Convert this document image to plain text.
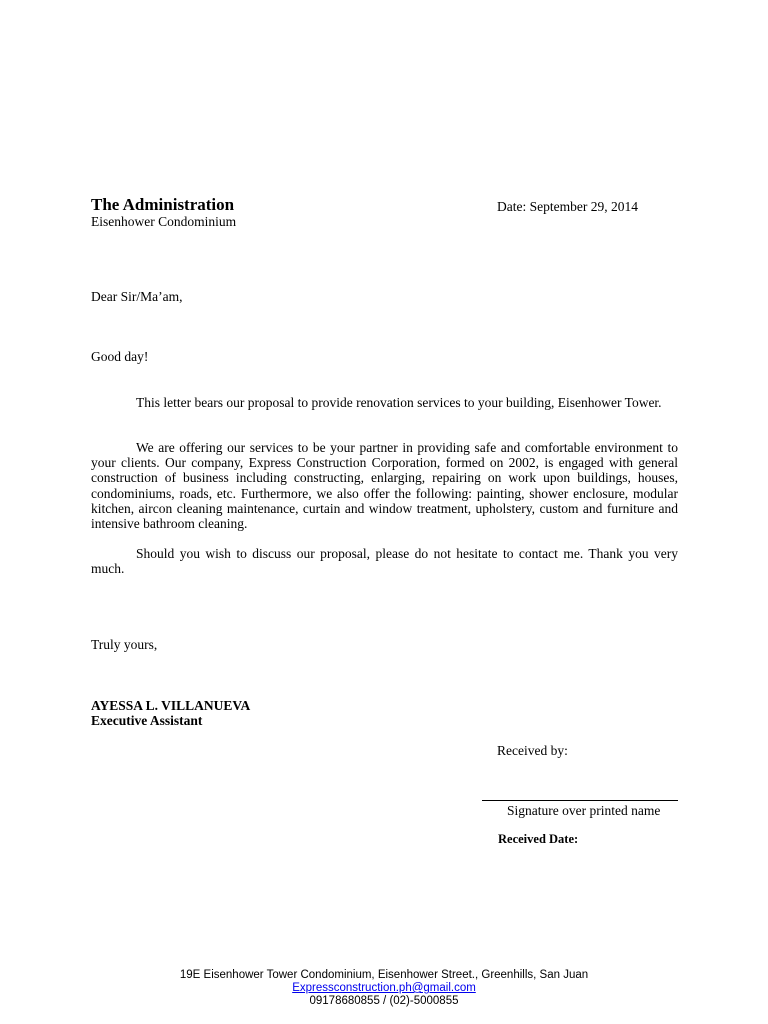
The Administration
Eisenhower Condominium
Date: September 29, 2014
Dear Sir/Ma’am,
Good day!

This letter bears our proposal to provide renovation services to your building, Eisenhower Tower.

We are offering our services to be your partner in providing safe and comfortable environment to your clients. Our company, Express Construction Corporation, formed on 2002, is engaged with general construction of business including constructing, enlarging, repairing on work upon buildings, houses, condominiums, roads, etc. Furthermore, we also offer the following: painting, shower enclosure, modular kitchen, aircon cleaning maintenance, curtain and window treatment, upholstery, custom and furniture and intensive bathroom cleaning.

Should you wish to discuss our proposal, please do not hesitate to contact me. Thank you very much.

Truly yours,
AYESSA L. VILLANUEVA
Executive Assistant
Received by:
Signature over printed name
Received Date:
19E Eisenhower Tower Condominium, Eisenhower Street., Greenhills, San Juan
Expressconstruction.ph@gmail.com
09178680855 / (02)-5000855
